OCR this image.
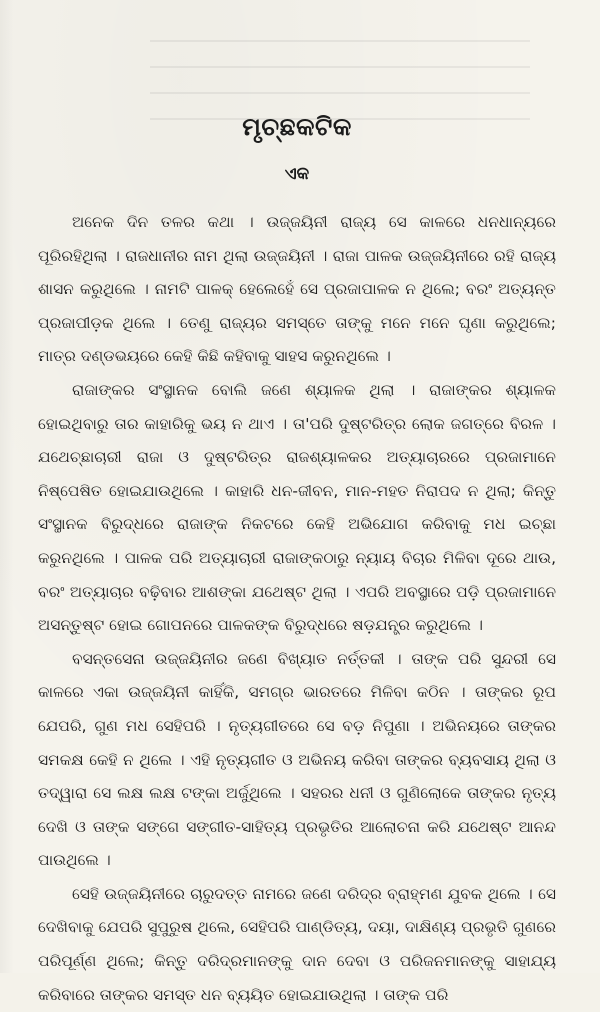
ମୃଚ୍ଛକଟିକ
ଏକ

ଅନେକ ଦିନ ତଳର କଥା । ଉଜ୍ଜୟିନୀ ରାଜ୍ୟ ସେ କାଳରେ ଧନଧାନ୍ୟରେ ପୂରିରହିଥିଲା । ରାଜଧାନୀର ନାମ ଥିଲା ଉଜ୍ଜୟିନୀ । ରାଜା ପାଳକ ଉଜ୍ଜୟିନୀରେ ରହି ରାଜ୍ୟ ଶାସନ କରୁଥିଲେ । ନାମଟି ପାଳକ୍ ହେଲେହେଁ ସେ ପ୍ରଜାପାଳକ ନ ଥିଲେ; ବରଂ ଅତ୍ୟନ୍ତ ପ୍ରଜାପୀଡ଼କ ଥିଲେ । ତେଣୁ ରାଜ୍ୟର ସମସ୍ତେ ତାଙ୍କୁ ମନେ ମନେ ଘୃଣା କରୁଥିଲେ; ମାତ୍ର ଦଣ୍ଡଭୟରେ କେହି କିଛି କହିବାକୁ ସାହସ କରୁନଥିଲେ ।

ରାଜାଙ୍କର ସଂସ୍ଥାନକ ବୋଲି ଜଣେ ଶ୍ୟାଳକ ଥିଲା । ରାଜାଙ୍କର ଶ୍ୟାଳକ ହୋଇଥିବାରୁ ତାର କାହାରିକୁ ଭୟ ନ ଥାଏ । ତା'ପରି ଦୁଷ୍ଟରିତ୍ର ଲୋକ ଜଗତ୍‌ରେ ବିରଳ । ଯଥେଚ୍ଛାଚାରୀ ରାଜା ଓ ଦୁଷ୍ଟରିତ୍ର ରାଜଶ୍ୟାଳକର ଅତ୍ୟାଚାରରେ ପ୍ରଜାମାନେ ନିଷ୍ପେଷିତ ହୋଇଯାଉଥିଲେ । କାହାରି ଧନ-ଜୀବନ, ମାନ-ମହତ ନିରାପଦ ନ ଥିଲା; କିନ୍ତୁ ସଂସ୍ଥାନକ ବିରୁଦ୍ଧରେ ରାଜାଙ୍କ ନିକଟରେ କେହି ଅଭିଯୋଗ କରିବାକୁ ମଧ ଇଚ୍ଛା କରୁନଥିଲେ । ପାଳକ ପରି ଅତ୍ୟାଚାରୀ ରାଜାଙ୍କଠାରୁ ନ୍ୟାୟ ବିଚାର ମିଳିବା ଦୂରେ ଥାଉ, ବରଂ ଅତ୍ୟାଚାର ବଢ଼ିବାର ଆଶଙ୍କା ଯଥେଷ୍ଟ ଥିଲା । ଏପରି ଅବସ୍ଥାରେ ପଡ଼ି ପ୍ରଜାମାନେ ଅସନ୍ତୁଷ୍ଟ ହୋଇ ଗୋପନରେ ପାଳକଙ୍କ ବିରୁଦ୍ଧରେ ଷଡ଼ଯନ୍ତ୍ର କରୁଥିଲେ ।

ବସନ୍ତସେନା ଉଜ୍ଜୟିନୀର ଜଣେ ବିଖ୍ୟାତ ନର୍ତ୍ତକୀ । ତାଙ୍କ ପରି ସୁନ୍ଦରୀ ସେ କାଳରେ ଏକା ଉଜ୍ଜୟିନୀ କାହିଁକି, ସମଗ୍ର ଭାରତରେ ମିଳିବା କଠିନ । ତାଙ୍କର ରୂପ ଯେପରି, ଗୁଣ ମଧ ସେହିପରି । ନୃତ୍ୟଗୀତରେ ସେ ବଡ଼ ନିପୁଣା । ଅଭିନୟରେ ତାଙ୍କର ସମକକ୍ଷ କେହି ନ ଥିଲେ । ଏହି ନୃତ୍ୟଗୀତ ଓ ଅଭିନୟ କରିବା ତାଙ୍କର ବ୍ୟବସାୟ ଥିଲା ଓ ତଦ୍ୱାରା ସେ ଲକ୍ଷ ଲକ୍ଷ ଟଙ୍କା ଅର୍ଜୁଥିଲେ । ସହରର ଧନୀ ଓ ଗୁଣିଲୋକେ ତାଙ୍କର ନୃତ୍ୟ ଦେଖି ଓ ତାଙ୍କ ସଙ୍ଗେ ସଙ୍ଗୀତ-ସାହିତ୍ୟ ପ୍ରଭୃତିର ଆଲୋଚନା କରି ଯଥେଷ୍ଟ ଆନନ୍ଦ ପାଉଥିଲେ ।

ସେହି ଉଜ୍ଜୟିନୀରେ ଚାରୁଦତ୍ତ ନାମରେ ଜଣେ ଦରିଦ୍ର ବ୍ରାହ୍ମଣ ଯୁବକ ଥିଲେ । ସେ ଦେଖିବାକୁ ଯେପରି ସୁପୁରୁଷ ଥିଲେ, ସେହିପରି ପାଣ୍ଡିତ୍ୟ, ଦୟା, ଦାକ୍ଷିଣ୍ୟ ପ୍ରଭୃତି ଗୁଣରେ ପରିପୂର୍ଣ୍ଣ ଥିଲେ; କିନ୍ତୁ ଦରିଦ୍ରମାନଙ୍କୁ ଦାନ ଦେବା ଓ ପରିଜନମାନଙ୍କୁ ସାହାଯ୍ୟ କରିବାରେ ତାଙ୍କର ସମସ୍ତ ଧନ ବ୍ୟୟିତ ହୋଇଯାଉଥିଲା । ତାଙ୍କ ପରି
